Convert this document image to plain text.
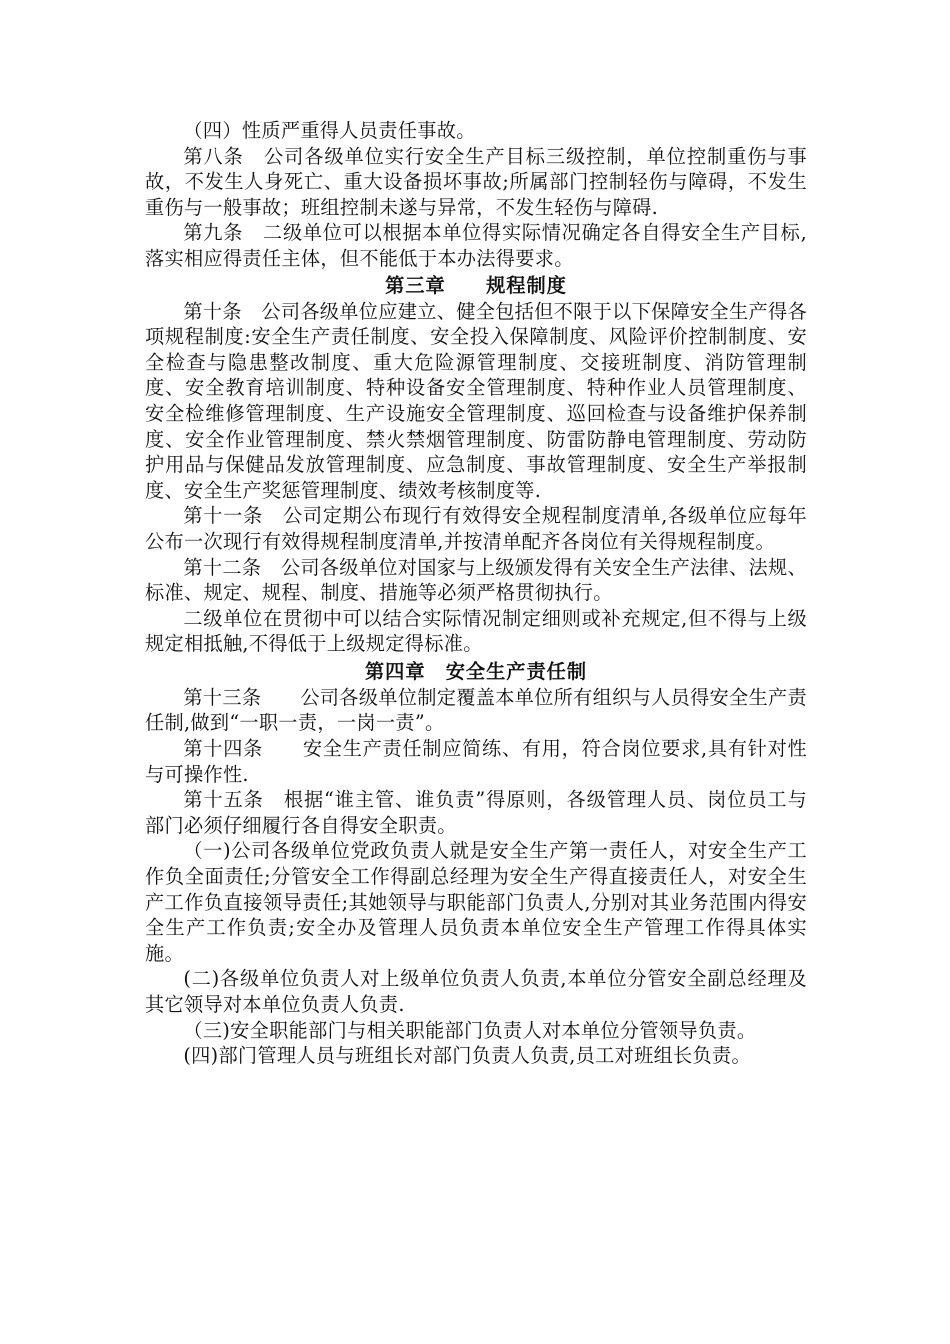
（四）性质严重得人员责任事故。

第八条　公司各级单位实行安全生产目标三级控制，单位控制重伤与事故，不发生人身死亡、重大设备损坏事故;所属部门控制轻伤与障碍，不发生重伤与一般事故；班组控制未遂与异常，不发生轻伤与障碍.

第九条　二级单位可以根据本单位得实际情况确定各自得安全生产目标,落实相应得责任主体，但不能低于本办法得要求。

第三章　　规程制度

第十条　公司各级单位应建立、健全包括但不限于以下保障安全生产得各项规程制度:安全生产责任制度、安全投入保障制度、风险评价控制制度、安全检查与隐患整改制度、重大危险源管理制度、交接班制度、消防管理制度、安全教育培训制度、特种设备安全管理制度、特种作业人员管理制度、安全检维修管理制度、生产设施安全管理制度、巡回检查与设备维护保养制度、安全作业管理制度、禁火禁烟管理制度、防雷防静电管理制度、劳动防护用品与保健品发放管理制度、应急制度、事故管理制度、安全生产举报制度、安全生产奖惩管理制度、绩效考核制度等.

第十一条　公司定期公布现行有效得安全规程制度清单,各级单位应每年公布一次现行有效得规程制度清单,并按清单配齐各岗位有关得规程制度。

第十二条　公司各级单位对国家与上级颁发得有关安全生产法律、法规、标准、规定、规程、制度、措施等必须严格贯彻执行。

二级单位在贯彻中可以结合实际情况制定细则或补充规定,但不得与上级规定相抵触,不得低于上级规定得标准。

第四章　安全生产责任制

第十三条　　公司各级单位制定覆盖本单位所有组织与人员得安全生产责任制,做到“一职一责，一岗一责”。

第十四条　　安全生产责任制应简练、有用，符合岗位要求,具有针对性与可操作性.

第十五条　根据“谁主管、谁负责”得原则，各级管理人员、岗位员工与部门必须仔细履行各自得安全职责。

（一)公司各级单位党政负责人就是安全生产第一责任人，对安全生产工作负全面责任;分管安全工作得副总经理为安全生产得直接责任人，对安全生产工作负直接领导责任;其她领导与职能部门负责人,分别对其业务范围内得安全生产工作负责;安全办及管理人员负责本单位安全生产管理工作得具体实施。

(二)各级单位负责人对上级单位负责人负责,本单位分管安全副总经理及其它领导对本单位负责人负责.

（三)安全职能部门与相关职能部门负责人对本单位分管领导负责。

(四)部门管理人员与班组长对部门负责人负责,员工对班组长负责。
